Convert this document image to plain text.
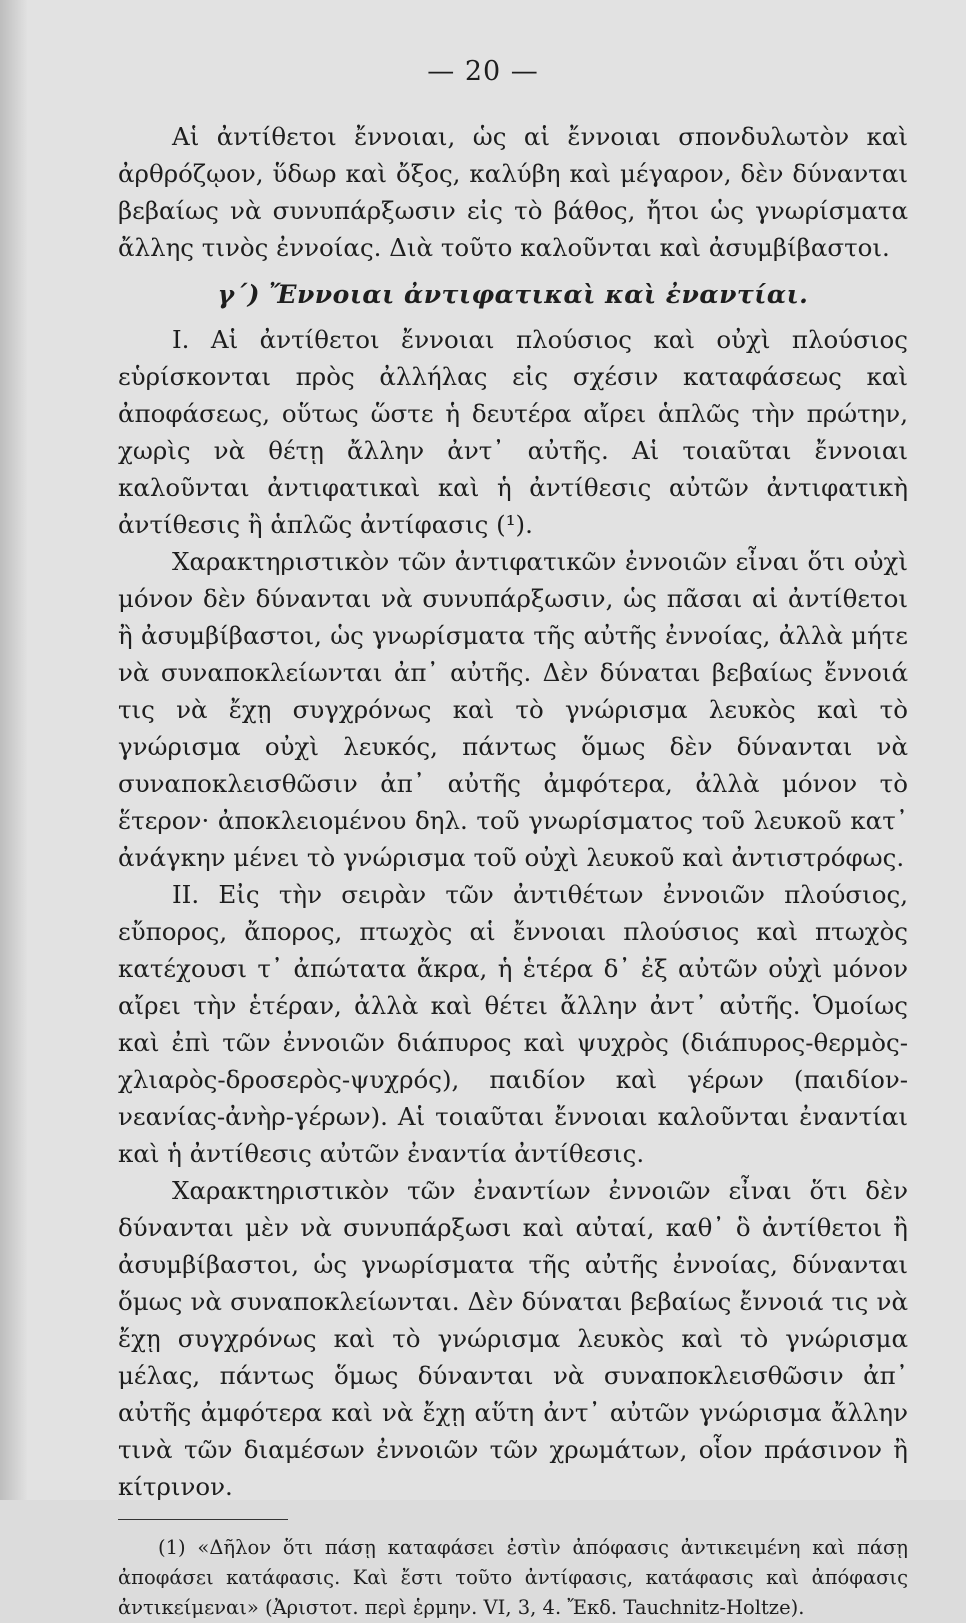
— 20 —

Αἱ ἀντίθετοι ἔννοιαι, ὡς αἱ ἔννοιαι σπονδυλωτὸν καὶ ἀρθρόζῳον, ὕδωρ καὶ ὄξος, καλύβη καὶ μέγαρον, δὲν δύνανται βεβαίως νὰ συνυπάρξωσιν εἰς τὸ βάθος, ἤτοι ὡς γνωρίσματα ἄλλης τινὸς ἐννοίας. Διὰ τοῦτο καλοῦνται καὶ ἀσυμβίβαστοι.

γ΄) Ἔννοιαι ἀντιφατικαὶ καὶ ἐναντίαι.

I. Αἱ ἀντίθετοι ἔννοιαι πλούσιος καὶ οὐχὶ πλούσιος εὑρίσκονται πρὸς ἀλλήλας εἰς σχέσιν καταφάσεως καὶ ἀποφάσεως, οὕτως ὥστε ἡ δευτέρα αἴρει ἁπλῶς τὴν πρώτην, χωρὶς νὰ θέτῃ ἄλλην ἀντ᾿ αὐτῆς. Αἱ τοιαῦται ἔννοιαι καλοῦνται ἀντιφατικαὶ καὶ ἡ ἀντίθεσις αὐτῶν ἀντιφατικὴ ἀντίθεσις ἢ ἁπλῶς ἀντίφασις (¹).

Χαρακτηριστικὸν τῶν ἀντιφατικῶν ἐννοιῶν εἶναι ὅτι οὐχὶ μόνον δὲν δύνανται νὰ συνυπάρξωσιν, ὡς πᾶσαι αἱ ἀντίθετοι ἢ ἀσυμβίβαστοι, ὡς γνωρίσματα τῆς αὐτῆς ἐννοίας, ἀλλὰ μήτε νὰ συναποκλείωνται ἀπ᾿ αὐτῆς. Δὲν δύναται βεβαίως ἔννοιά τις νὰ ἔχῃ συγχρόνως καὶ τὸ γνώρισμα λευκὸς καὶ τὸ γνώρισμα οὐχὶ λευκός, πάντως ὅμως δὲν δύνανται νὰ συναποκλεισθῶσιν ἀπ᾿ αὐτῆς ἀμφότερα, ἀλλὰ μόνον τὸ ἕτερον· ἀποκλειομένου δηλ. τοῦ γνωρίσματος τοῦ λευκοῦ κατ᾿ ἀνάγκην μένει τὸ γνώρισμα τοῦ οὐχὶ λευκοῦ καὶ ἀντιστρόφως.

II. Εἰς τὴν σειρὰν τῶν ἀντιθέτων ἐννοιῶν πλούσιος, εὔπορος, ἄπορος, πτωχὸς αἱ ἔννοιαι πλούσιος καὶ πτωχὸς κατέχουσι τ᾿ ἀπώτατα ἄκρα, ἡ ἑτέρα δ᾿ ἐξ αὐτῶν οὐχὶ μόνον αἴρει τὴν ἑτέραν, ἀλλὰ καὶ θέτει ἄλλην ἀντ᾿ αὐτῆς. Ὁμοίως καὶ ἐπὶ τῶν ἐννοιῶν διάπυρος καὶ ψυχρὸς (διάπυρος-θερμὸς-χλιαρὸς-δροσερὸς-ψυχρός), παιδίον καὶ γέρων (παιδίον-νεανίας-ἀνὴρ-γέρων). Αἱ τοιαῦται ἔννοιαι καλοῦνται ἐναντίαι καὶ ἡ ἀντίθεσις αὐτῶν ἐναντία ἀντίθεσις.

Χαρακτηριστικὸν τῶν ἐναντίων ἐννοιῶν εἶναι ὅτι δὲν δύνανται μὲν νὰ συνυπάρξωσι καὶ αὐταί, καθ᾿ ὃ ἀντίθετοι ἢ ἀσυμβίβαστοι, ὡς γνωρίσματα τῆς αὐτῆς ἐννοίας, δύνανται ὅμως νὰ συναποκλείωνται. Δὲν δύναται βεβαίως ἔννοιά τις νὰ ἔχῃ συγχρόνως καὶ τὸ γνώρισμα λευκὸς καὶ τὸ γνώρισμα μέλας, πάντως ὅμως δύνανται νὰ συναποκλεισθῶσιν ἀπ᾿ αὐτῆς ἀμφότερα καὶ νὰ ἔχῃ αὕτη ἀντ᾿ αὐτῶν γνώρισμα ἄλλην τινὰ τῶν διαμέσων ἐννοιῶν τῶν χρωμάτων, οἷον πράσινον ἢ κίτρινον.

(1) «Δῆλον ὅτι πάσῃ καταφάσει ἐστὶν ἀπόφασις ἀντικειμένη καὶ πάσῃ ἀποφάσει κατάφασις. Καὶ ἔστι τοῦτο ἀντίφασις, κατάφασις καὶ ἀπόφασις ἀντικείμεναι» (Ἀριστοτ. περὶ ἑρμην. VI, 3, 4. Ἔκδ. Tauchnitz-Holtze).
